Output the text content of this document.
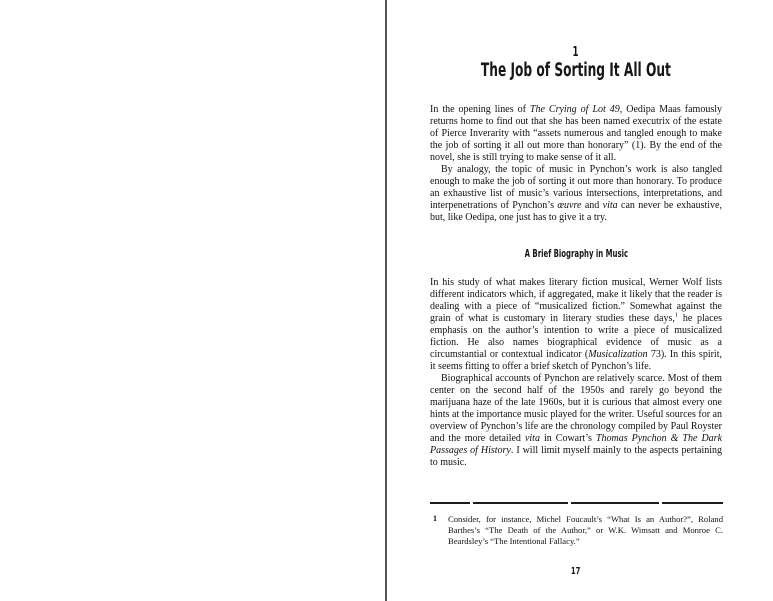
1
The Job of Sorting It All Out

In the opening lines of The Crying of Lot 49, Oedipa Maas famously returns home to find out that she has been named executrix of the estate of Pierce Inverarity with “assets numerous and tangled enough to make the job of sorting it all out more than honorary” (1). By the end of the novel, she is still trying to make sense of it all.

By analogy, the topic of music in Pynchon’s work is also tangled enough to make the job of sorting it out more than honorary. To produce an exhaustive list of music’s various intersections, interpretations, and interpenetrations of Pynchon’s œuvre and vita can never be exhaustive, but, like Oedipa, one just has to give it a try.

A Brief Biography in Music

In his study of what makes literary fiction musical, Werner Wolf lists different indicators which, if aggregated, make it likely that the reader is dealing with a piece of “musicalized fiction.” Somewhat against the grain of what is customary in literary studies these days,$^1$ he places emphasis on the author’s intention to write a piece of musicalized fiction. He also names biographical evidence of music as a circumstantial or contextual indicator (Musicalization 73). In this spirit, it seems fitting to offer a brief sketch of Pynchon’s life.

Biographical accounts of Pynchon are relatively scarce. Most of them center on the second half of the 1950s and rarely go beyond the marijuana haze of the late 1960s, but it is curious that almost every one hints at the importance music played for the writer. Useful sources for an overview of Pynchon’s life are the chronology compiled by Paul Royster and the more detailed vita in Cowart’s Thomas Pynchon & The Dark Passages of History. I will limit myself mainly to the aspects pertaining to music.

1	Consider, for instance, Michel Foucault’s “What Is an Author?”, Roland Barthes’s “The Death of the Author,” or W.K. Wimsatt and Monroe C. Beardsley’s “The Intentional Fallacy.”
17
